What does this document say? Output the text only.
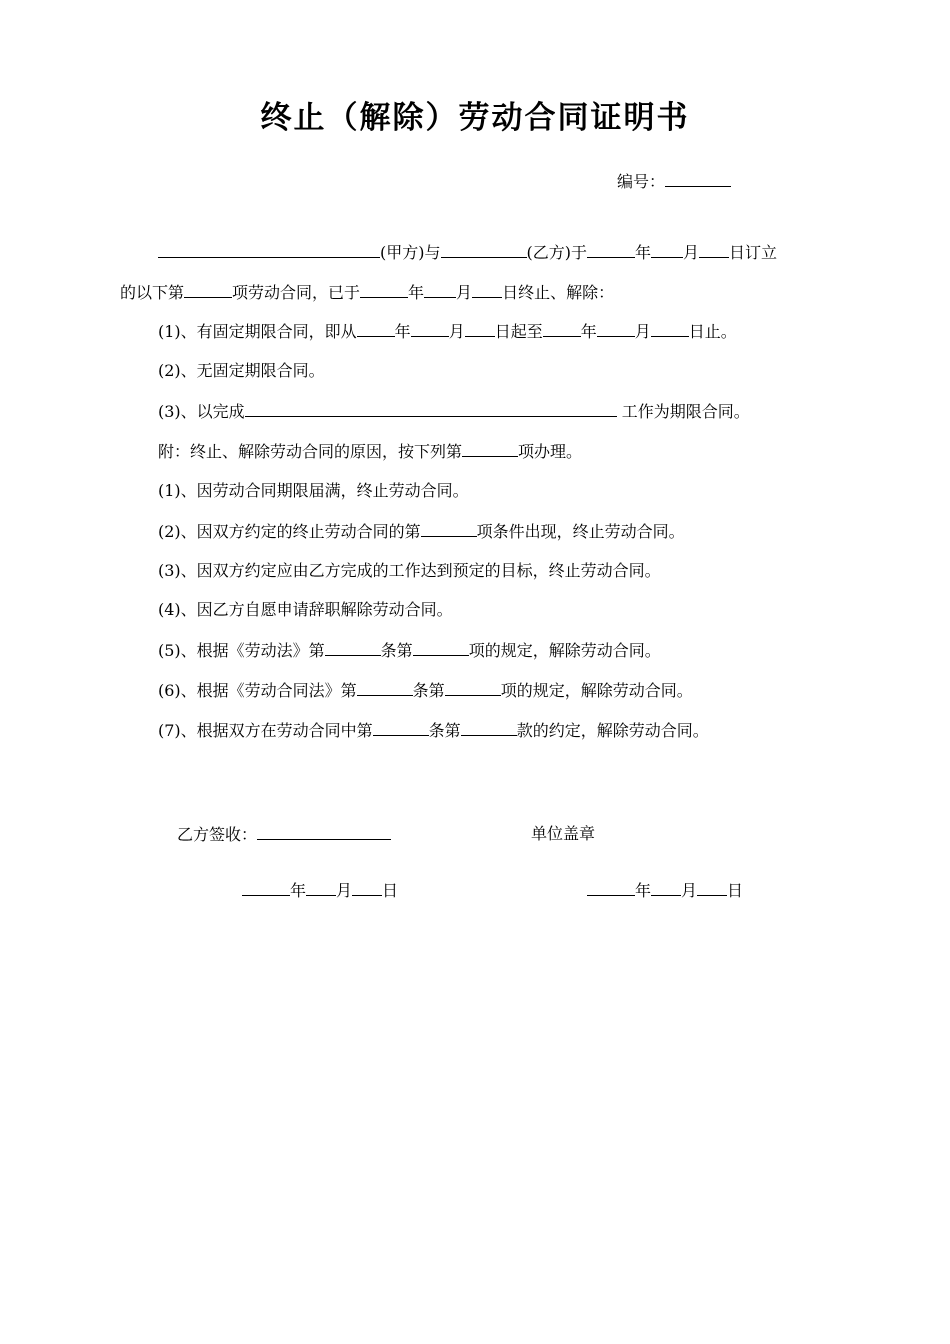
终止（解除）劳动合同证明书
编号：
(甲方)与	(乙方)于	年 月 日订立
的以下第	项劳动合同，已于	年 月 日终止、解除：
(1)、有固定期限合同，即从 年 月 日起至 年 月 日止。
(2)、无固定期限合同。
(3)、以完成	工作为期限合同。
附：终止、解除劳动合同的原因，按下列第	项办理。
(1)、因劳动合同期限届满，终止劳动合同。
(2)、因双方约定的终止劳动合同的第	项条件出现，终止劳动合同。
(3)、因双方约定应由乙方完成的工作达到预定的目标，终止劳动合同。
(4)、因乙方自愿申请辞职解除劳动合同。
(5)、根据《劳动法》第	条第	项的规定，解除劳动合同。
(6)、根据《劳动合同法》第	条第	项的规定，解除劳动合同。
(7)、根据双方在劳动合同中第	条第	款的约定，解除劳动合同。
乙方签收：	单位盖章
年 月 日	年 月 日
